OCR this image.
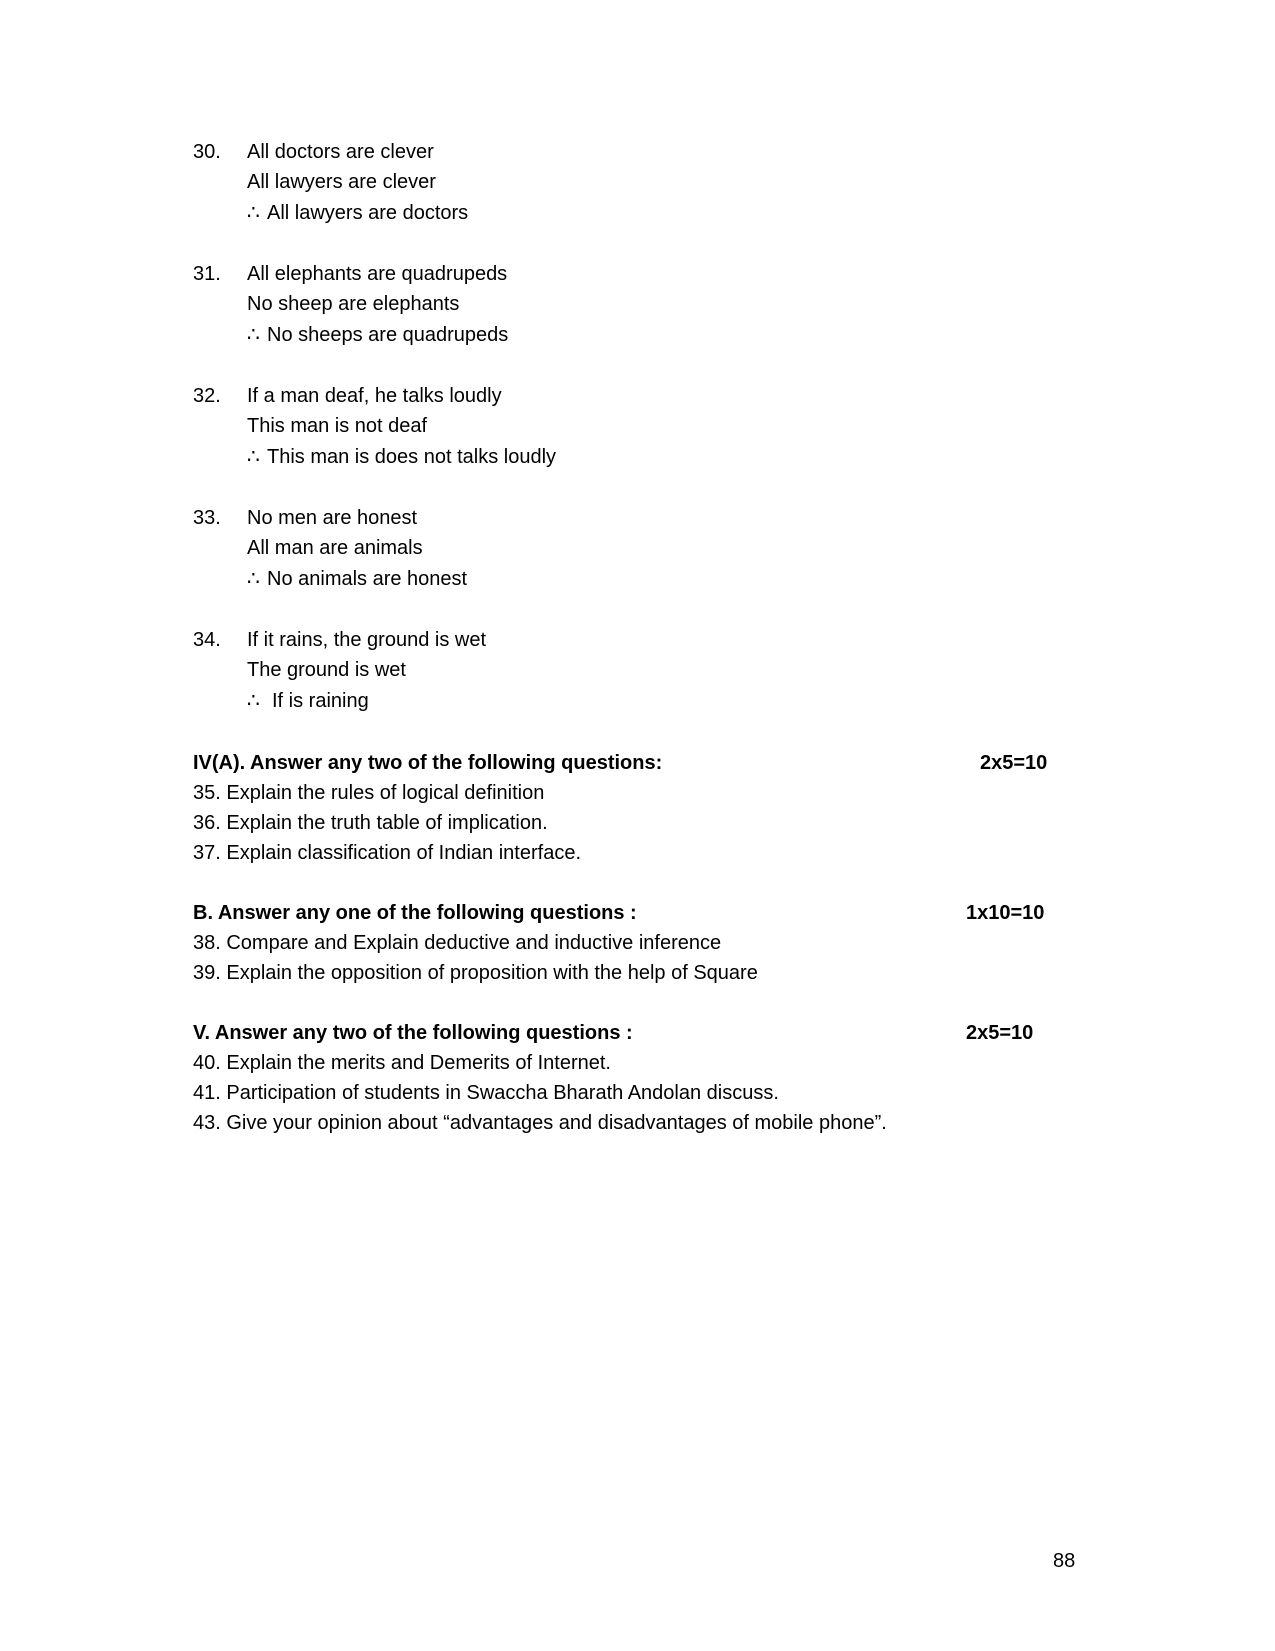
30. All doctors are clever
All lawyers are clever
∴ All lawyers are doctors
31. All elephants are quadrupeds
No sheep are elephants
∴ No sheeps are quadrupeds
32. If a man deaf, he talks loudly
This man is not deaf
∴ This man is does not talks loudly
33. No men are honest
All man are animals
∴ No animals are honest
34. If it rains, the ground is wet
The ground is wet
∴ If is raining
IV(A). Answer any two of the following questions:	2x5=10
35. Explain the rules of logical definition
36. Explain the truth table of implication.
37. Explain classification of Indian interface.
B. Answer any one of the following questions :	1x10=10
38. Compare and Explain deductive and inductive inference
39. Explain the opposition of proposition with the help of Square
V. Answer any two of the following questions :	2x5=10
40. Explain the merits and Demerits of Internet.
41. Participation of students in Swaccha Bharath Andolan discuss.
43. Give your opinion about “advantages and disadvantages of mobile phone”.
88
